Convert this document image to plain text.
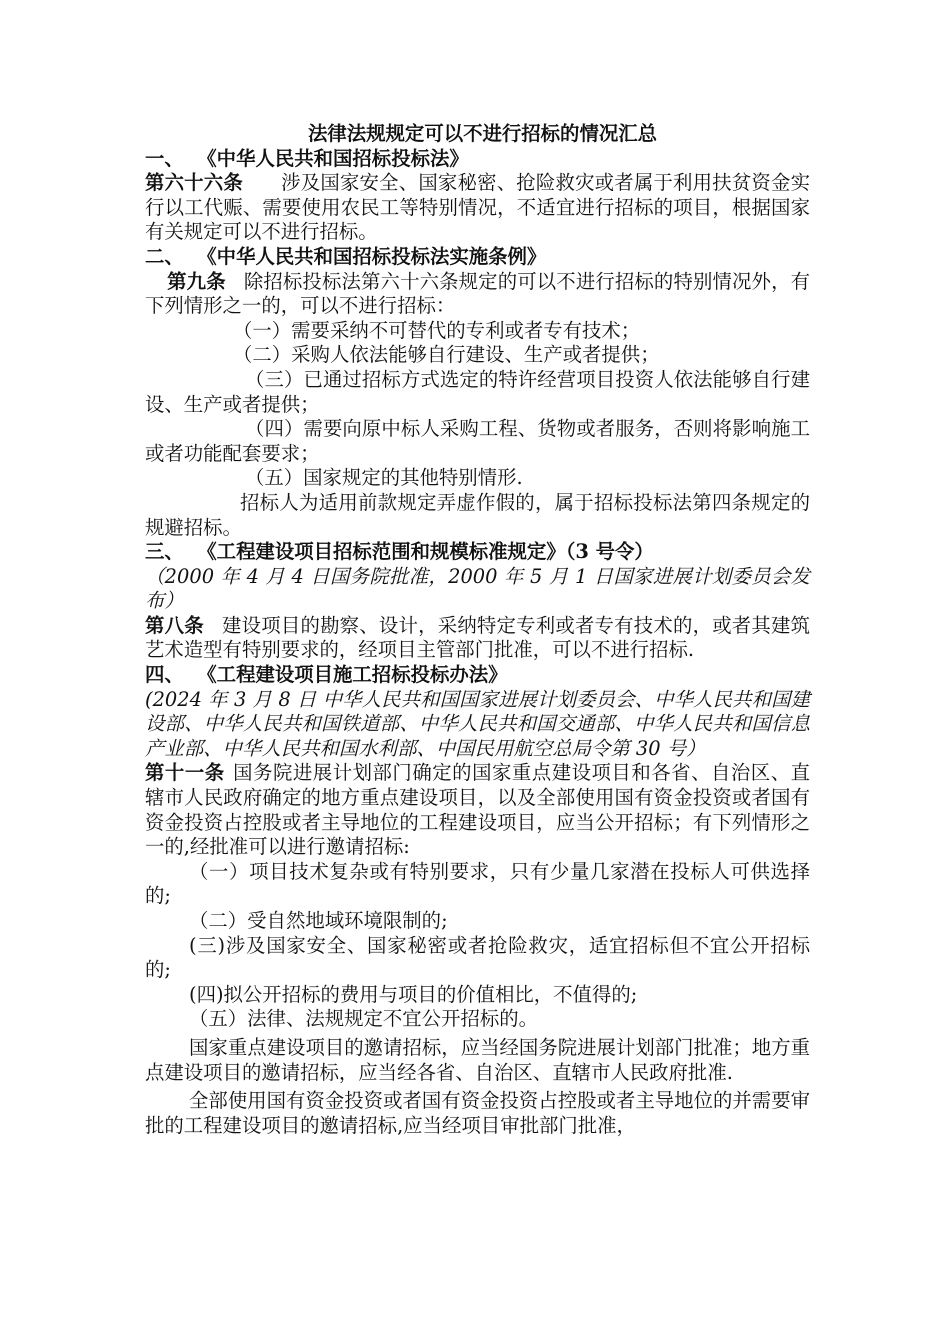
法律法规规定可以不进行招标的情况汇总

一、  《中华人民共和国招标投标法》

第六十六条 涉及国家安全、国家秘密、抢险救灾或者属于利用扶贫资金实行以工代赈、需要使用农民工等特别情况，不适宜进行招标的项目，根据国家有关规定可以不进行招标。

二、  《中华人民共和国招标投标法实施条例》

第九条 除招标投标法第六十六条规定的可以不进行招标的特别情况外，有下列情形之一的，可以不进行招标：

（一）需要采纳不可替代的专利或者专有技术；

（二）采购人依法能够自行建设、生产或者提供；

（三）已通过招标方式选定的特许经营项目投资人依法能够自行建设、生产或者提供；

（四）需要向原中标人采购工程、货物或者服务，否则将影响施工或者功能配套要求；

（五）国家规定的其他特别情形.

招标人为适用前款规定弄虚作假的，属于招标投标法第四条规定的规避招标。

三、  《工程建设项目招标范围和规模标准规定》（3 号令）

（2000 年 4 月 4 日国务院批准，2000 年 5 月 1 日国家进展计划委员会发布）

第八条 建设项目的勘察、设计，采纳特定专利或者专有技术的，或者其建筑艺术造型有特别要求的，经项目主管部门批准，可以不进行招标.

四、  《工程建设项目施工招标投标办法》

(2024 年 3 月 8 日 中华人民共和国国家进展计划委员会、中华人民共和国建设部、中华人民共和国铁道部、中华人民共和国交通部、中华人民共和国信息产业部、中华人民共和国水利部、中国民用航空总局令第 30 号）

第十一条 国务院进展计划部门确定的国家重点建设项目和各省、自治区、直辖市人民政府确定的地方重点建设项目，以及全部使用国有资金投资或者国有资金投资占控股或者主导地位的工程建设项目，应当公开招标；有下列情形之一的,经批准可以进行邀请招标:

（一）项目技术复杂或有特别要求，只有少量几家潜在投标人可供选择的;

（二）受自然地域环境限制的;

(三)涉及国家安全、国家秘密或者抢险救灾，适宜招标但不宜公开招标的;

(四)拟公开招标的费用与项目的价值相比，不值得的;

（五）法律、法规规定不宜公开招标的。

国家重点建设项目的邀请招标，应当经国务院进展计划部门批准；地方重点建设项目的邀请招标，应当经各省、自治区、直辖市人民政府批准.

全部使用国有资金投资或者国有资金投资占控股或者主导地位的并需要审批的工程建设项目的邀请招标,应当经项目审批部门批准，
